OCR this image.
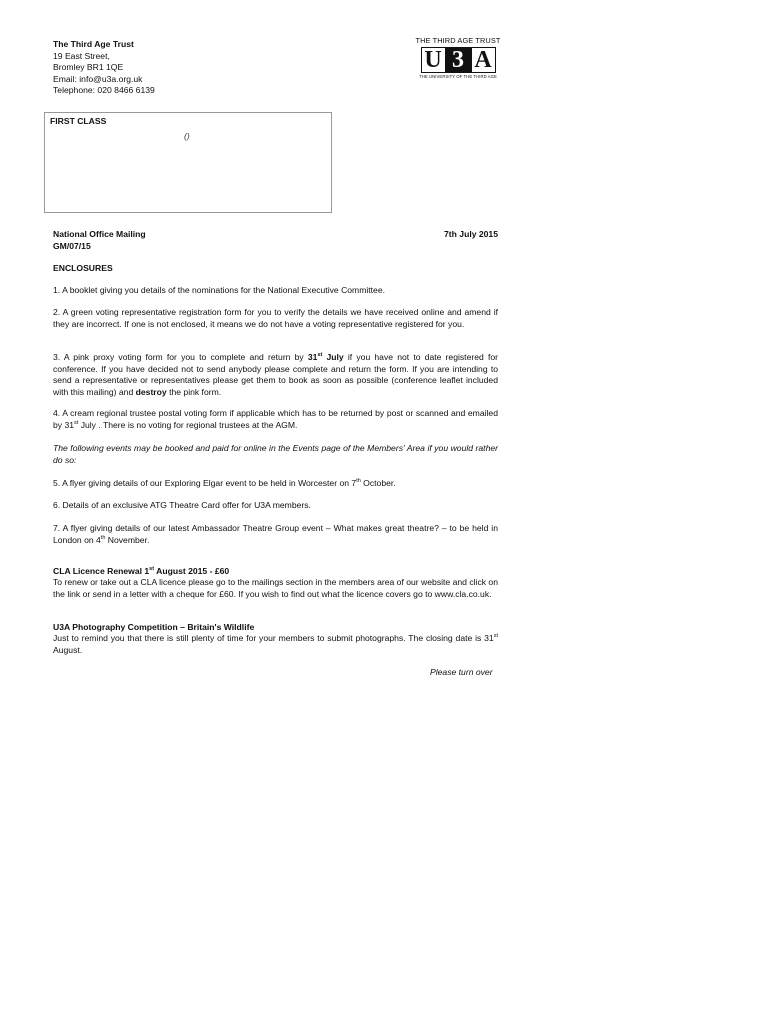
The Third Age Trust
19 East Street,
Bromley BR1 1QE
Email: info@u3a.org.uk
Telephone: 020 8466 6139
THE THIRD AGE TRUST
U 3 A
THE UNIVERSITY OF THE THIRD AGE
FIRST CLASS
()
National Office Mailing
GM/07/15
7th July 2015
ENCLOSURES

1. A booklet giving you details of the nominations for the National Executive Committee.

2. A green voting representative registration form for you to verify the details we have received online and amend if they are incorrect. If one is not enclosed, it means we do not have a voting representative registered for you.

3. A pink proxy voting form for you to complete and return by 31st July if you have not to date registered for conference. If you have decided not to send anybody please complete and return the form. If you are intending to send a representative or representatives please get them to book as soon as possible (conference leaflet included with this mailing) and destroy the pink form.

4. A cream regional trustee postal voting form if applicable which has to be returned by post or scanned and emailed by 31st July . There is no voting for regional trustees at the AGM.

The following events may be booked and paid for online in the Events page of the Members' Area if you would rather do so:

5. A flyer giving details of our Exploring Elgar event to be held in Worcester on 7th October.

6. Details of an exclusive ATG Theatre Card offer for U3A members.

7. A flyer giving details of our latest Ambassador Theatre Group event – What makes great theatre? – to be held in London on 4th November.

CLA Licence Renewal 1st August 2015 - £60

To renew or take out a CLA licence please go to the mailings section in the members area of our website and click on the link or send in a letter with a cheque for £60. If you wish to find out what the licence covers go to www.cla.co.uk.

U3A Photography Competition – Britain's Wildlife

Just to remind you that there is still plenty of time for your members to submit photographs. The closing date is 31st August.

Please turn over
